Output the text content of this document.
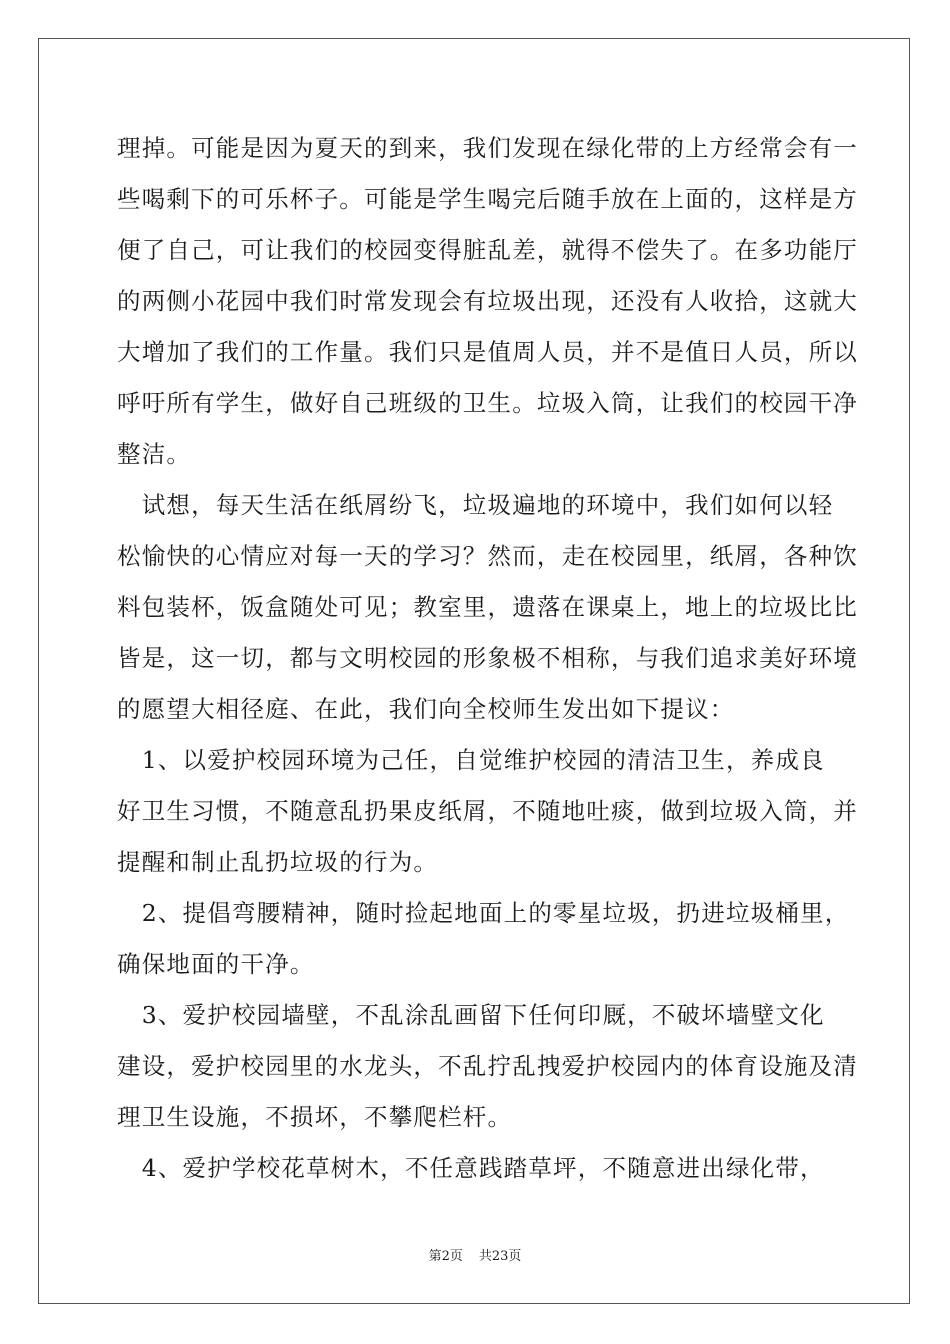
理掉。可能是因为夏天的到来，我们发现在绿化带的上方经常会有一
些喝剩下的可乐杯子。可能是学生喝完后随手放在上面的，这样是方
便了自己，可让我们的校园变得脏乱差，就得不偿失了。在多功能厅
的两侧小花园中我们时常发现会有垃圾出现，还没有人收拾，这就大
大增加了我们的工作量。我们只是值周人员，并不是值日人员，所以
呼吁所有学生，做好自己班级的卫生。垃圾入筒，让我们的校园干净
整洁。
　试想，每天生活在纸屑纷飞，垃圾遍地的环境中，我们如何以轻
松愉快的心情应对每一天的学习？然而，走在校园里，纸屑，各种饮
料包装杯，饭盒随处可见；教室里，遗落在课桌上，地上的垃圾比比
皆是，这一切，都与文明校园的形象极不相称，与我们追求美好环境
的愿望大相径庭、在此，我们向全校师生发出如下提议：
　1、以爱护校园环境为己任，自觉维护校园的清洁卫生，养成良
好卫生习惯，不随意乱扔果皮纸屑，不随地吐痰，做到垃圾入筒，并
提醒和制止乱扔垃圾的行为。
　2、提倡弯腰精神，随时捡起地面上的零星垃圾，扔进垃圾桶里，
确保地面的干净。
　3、爱护校园墙壁，不乱涂乱画留下任何印厩，不破坏墙壁文化
建设，爱护校园里的水龙头，不乱拧乱拽爱护校园内的体育设施及清
理卫生设施，不损坏，不攀爬栏杆。
　4、爱护学校花草树木，不任意践踏草坪，不随意进出绿化带，
第2页 共23页
